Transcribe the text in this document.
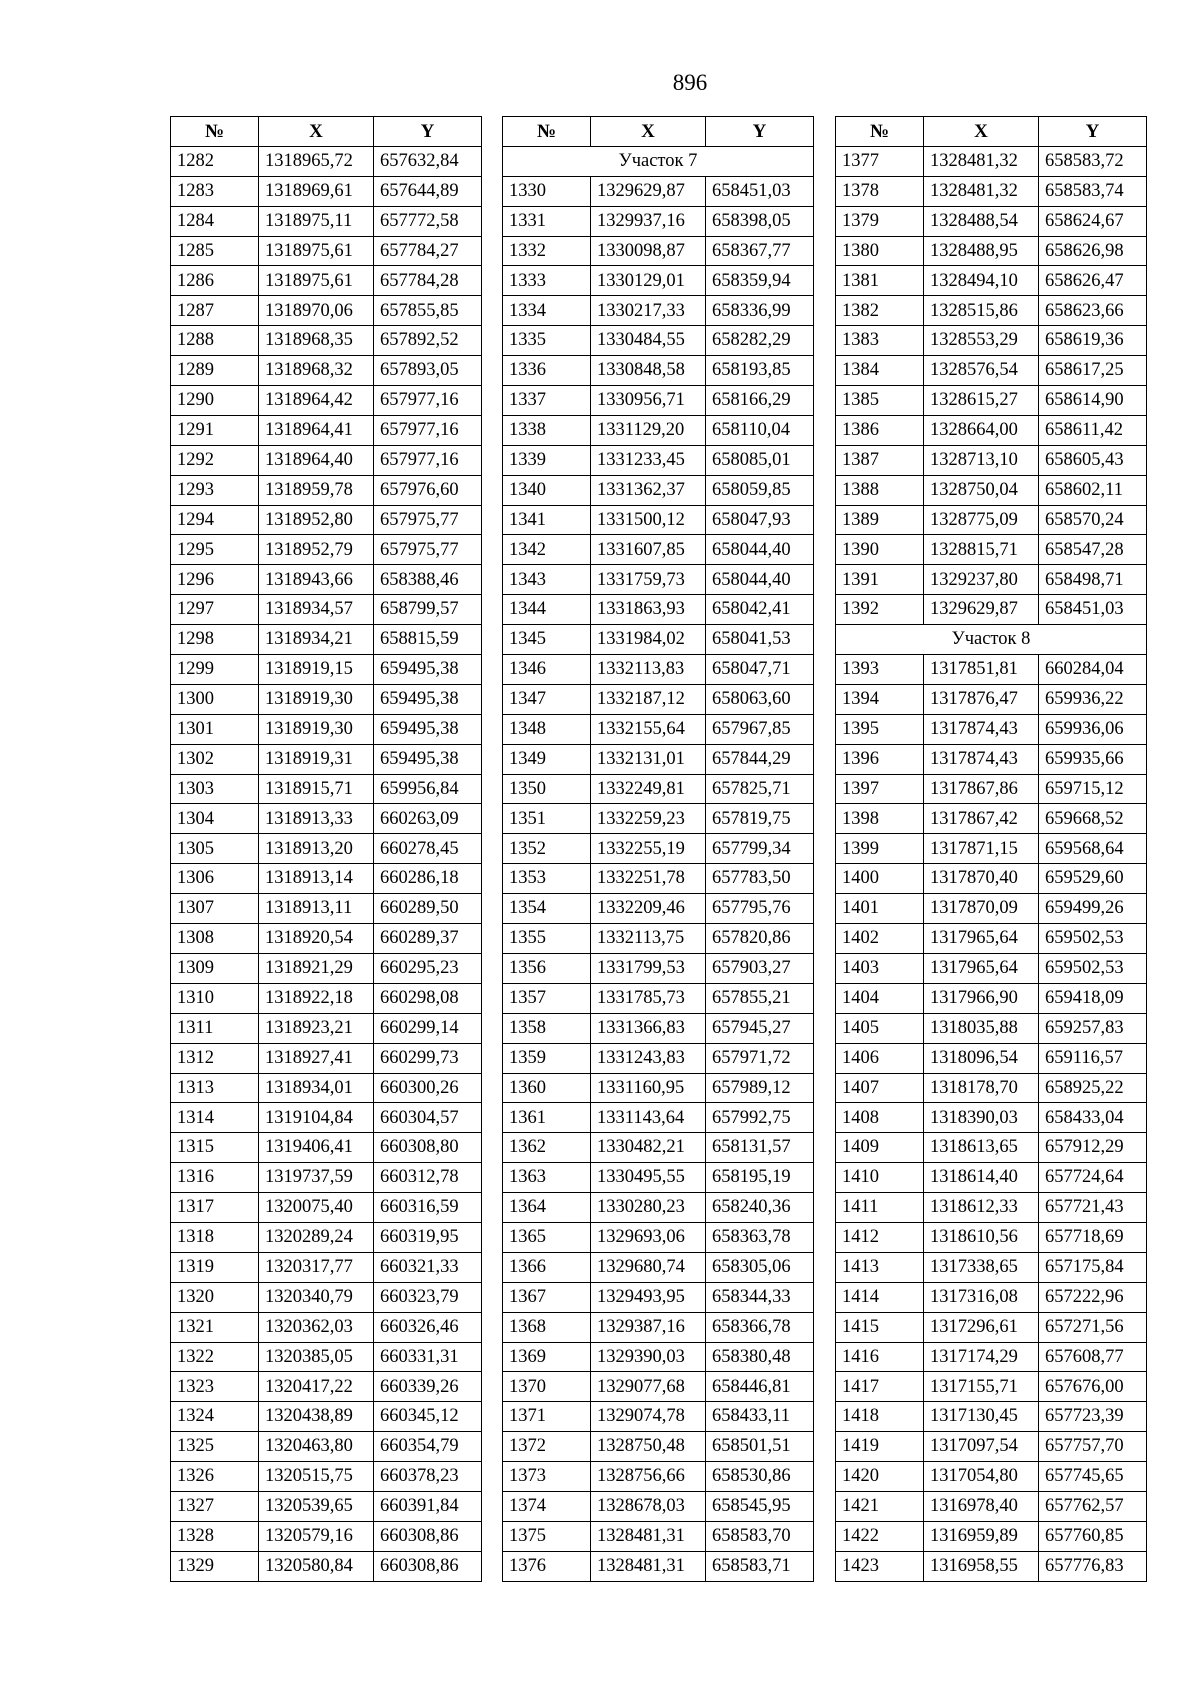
896
№	X	Y
1282	1318965,72	657632,84
1283	1318969,61	657644,89
1284	1318975,11	657772,58
1285	1318975,61	657784,27
1286	1318975,61	657784,28
1287	1318970,06	657855,85
1288	1318968,35	657892,52
1289	1318968,32	657893,05
1290	1318964,42	657977,16
1291	1318964,41	657977,16
1292	1318964,40	657977,16
1293	1318959,78	657976,60
1294	1318952,80	657975,77
1295	1318952,79	657975,77
1296	1318943,66	658388,46
1297	1318934,57	658799,57
1298	1318934,21	658815,59
1299	1318919,15	659495,38
1300	1318919,30	659495,38
1301	1318919,30	659495,38
1302	1318919,31	659495,38
1303	1318915,71	659956,84
1304	1318913,33	660263,09
1305	1318913,20	660278,45
1306	1318913,14	660286,18
1307	1318913,11	660289,50
1308	1318920,54	660289,37
1309	1318921,29	660295,23
1310	1318922,18	660298,08
1311	1318923,21	660299,14
1312	1318927,41	660299,73
1313	1318934,01	660300,26
1314	1319104,84	660304,57
1315	1319406,41	660308,80
1316	1319737,59	660312,78
1317	1320075,40	660316,59
1318	1320289,24	660319,95
1319	1320317,77	660321,33
1320	1320340,79	660323,79
1321	1320362,03	660326,46
1322	1320385,05	660331,31
1323	1320417,22	660339,26
1324	1320438,89	660345,12
1325	1320463,80	660354,79
1326	1320515,75	660378,23
1327	1320539,65	660391,84
1328	1320579,16	660308,86
1329	1320580,84	660308,86
№	X	Y
Участок 7		
1330	1329629,87	658451,03
1331	1329937,16	658398,05
1332	1330098,87	658367,77
1333	1330129,01	658359,94
1334	1330217,33	658336,99
1335	1330484,55	658282,29
1336	1330848,58	658193,85
1337	1330956,71	658166,29
1338	1331129,20	658110,04
1339	1331233,45	658085,01
1340	1331362,37	658059,85
1341	1331500,12	658047,93
1342	1331607,85	658044,40
1343	1331759,73	658044,40
1344	1331863,93	658042,41
1345	1331984,02	658041,53
1346	1332113,83	658047,71
1347	1332187,12	658063,60
1348	1332155,64	657967,85
1349	1332131,01	657844,29
1350	1332249,81	657825,71
1351	1332259,23	657819,75
1352	1332255,19	657799,34
1353	1332251,78	657783,50
1354	1332209,46	657795,76
1355	1332113,75	657820,86
1356	1331799,53	657903,27
1357	1331785,73	657855,21
1358	1331366,83	657945,27
1359	1331243,83	657971,72
1360	1331160,95	657989,12
1361	1331143,64	657992,75
1362	1330482,21	658131,57
1363	1330495,55	658195,19
1364	1330280,23	658240,36
1365	1329693,06	658363,78
1366	1329680,74	658305,06
1367	1329493,95	658344,33
1368	1329387,16	658366,78
1369	1329390,03	658380,48
1370	1329077,68	658446,81
1371	1329074,78	658433,11
1372	1328750,48	658501,51
1373	1328756,66	658530,86
1374	1328678,03	658545,95
1375	1328481,31	658583,70
1376	1328481,31	658583,71
№	X	Y
1377	1328481,32	658583,72
1378	1328481,32	658583,74
1379	1328488,54	658624,67
1380	1328488,95	658626,98
1381	1328494,10	658626,47
1382	1328515,86	658623,66
1383	1328553,29	658619,36
1384	1328576,54	658617,25
1385	1328615,27	658614,90
1386	1328664,00	658611,42
1387	1328713,10	658605,43
1388	1328750,04	658602,11
1389	1328775,09	658570,24
1390	1328815,71	658547,28
1391	1329237,80	658498,71
1392	1329629,87	658451,03
Участок 8		
1393	1317851,81	660284,04
1394	1317876,47	659936,22
1395	1317874,43	659936,06
1396	1317874,43	659935,66
1397	1317867,86	659715,12
1398	1317867,42	659668,52
1399	1317871,15	659568,64
1400	1317870,40	659529,60
1401	1317870,09	659499,26
1402	1317965,64	659502,53
1403	1317965,64	659502,53
1404	1317966,90	659418,09
1405	1318035,88	659257,83
1406	1318096,54	659116,57
1407	1318178,70	658925,22
1408	1318390,03	658433,04
1409	1318613,65	657912,29
1410	1318614,40	657724,64
1411	1318612,33	657721,43
1412	1318610,56	657718,69
1413	1317338,65	657175,84
1414	1317316,08	657222,96
1415	1317296,61	657271,56
1416	1317174,29	657608,77
1417	1317155,71	657676,00
1418	1317130,45	657723,39
1419	1317097,54	657757,70
1420	1317054,80	657745,65
1421	1316978,40	657762,57
1422	1316959,89	657760,85
1423	1316958,55	657776,83
